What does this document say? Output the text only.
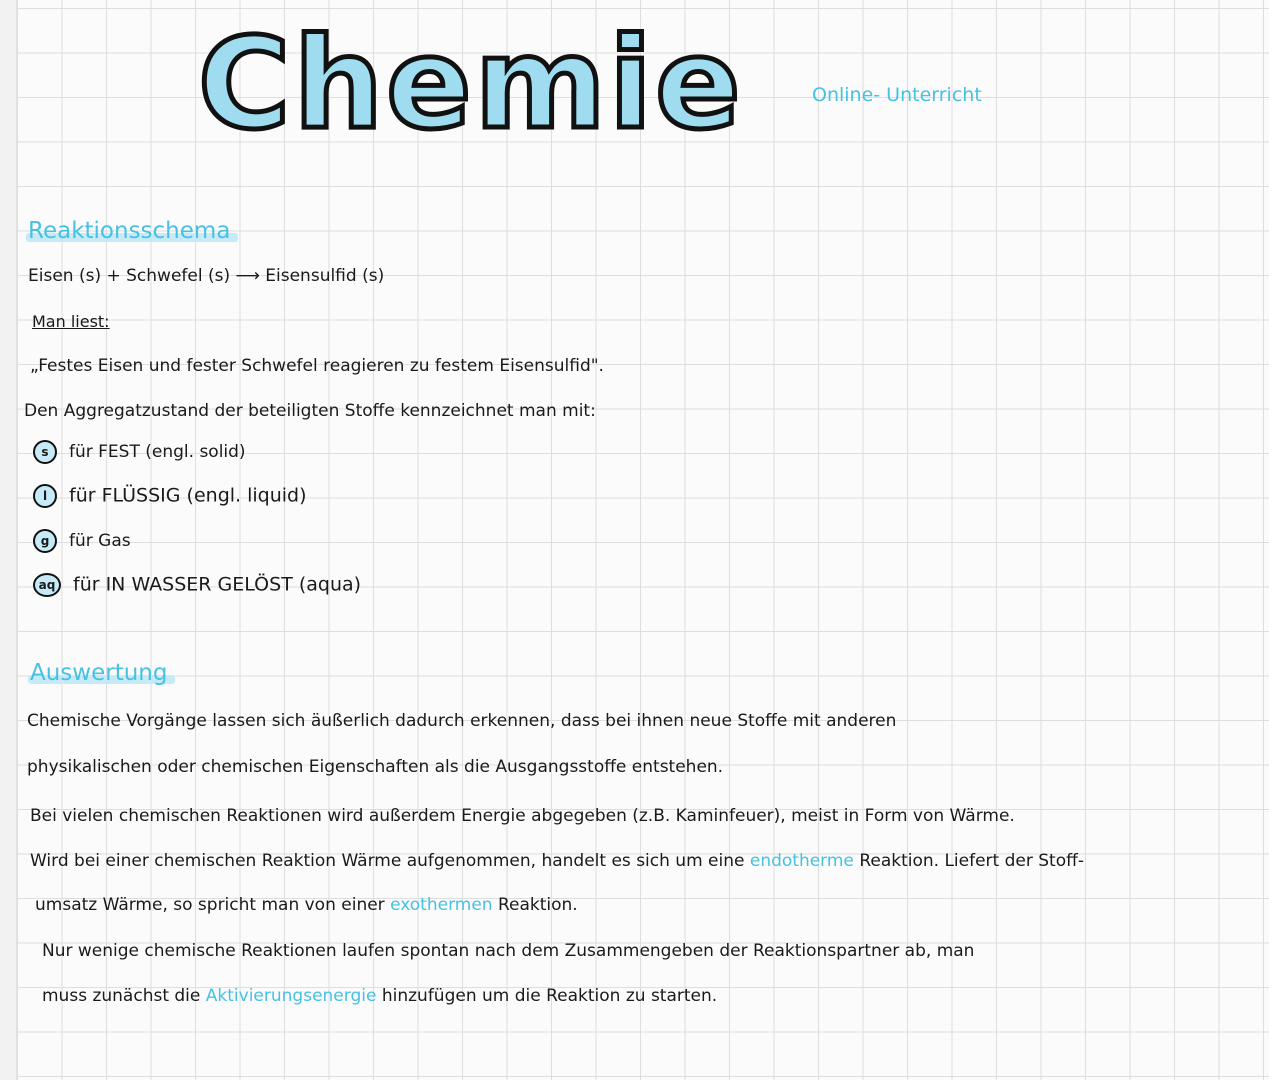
Chemie	Online- Unterricht
Reaktionsschema
Eisen (s) + Schwefel (s) ⟶ Eisensulfid (s)
Man liest:
„Festes Eisen und fester Schwefel reagieren zu festem Eisensulfid".
Den Aggregatzustand der beteiligten Stoffe kennzeichnet man mit:
s für FEST (engl. solid)
l für FLÜSSIG (engl. liquid)
g für Gas
aq für IN WASSER GELÖST (aqua)
Auswertung
Chemische Vorgänge lassen sich äußerlich dadurch erkennen, dass bei ihnen neue Stoffe mit anderen
physikalischen oder chemischen Eigenschaften als die Ausgangsstoffe entstehen.
Bei vielen chemischen Reaktionen wird außerdem Energie abgegeben (z.B. Kaminfeuer), meist in Form von Wärme.
Wird bei einer chemischen Reaktion Wärme aufgenommen, handelt es sich um eine endotherme Reaktion. Liefert der Stoff-
umsatz Wärme, so spricht man von einer exothermen Reaktion.
Nur wenige chemische Reaktionen laufen spontan nach dem Zusammengeben der Reaktionspartner ab, man
muss zunächst die Aktivierungsenergie hinzufügen um die Reaktion zu starten.
